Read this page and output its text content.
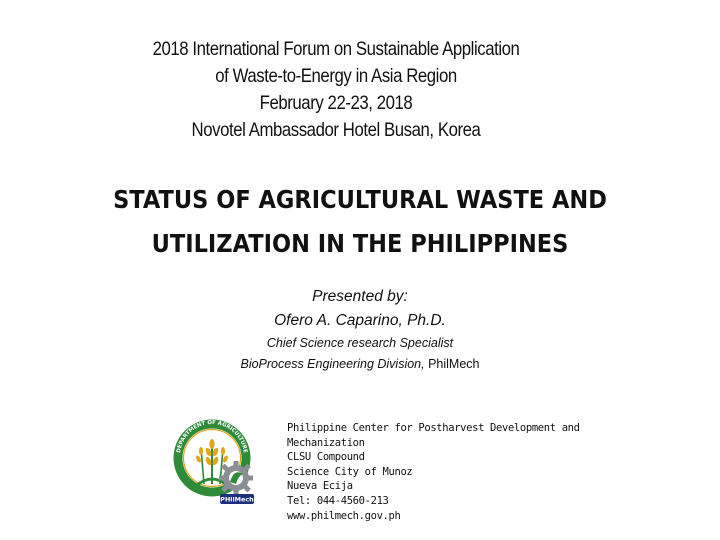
2018 International Forum on Sustainable Application
of Waste-to-Energy in Asia Region
February 22-23, 2018
Novotel Ambassador Hotel Busan, Korea
STATUS OF AGRICULTURAL WASTE AND
UTILIZATION IN THE PHILIPPINES
Presented by:
Ofero A. Caparino, Ph.D.
Chief Science research Specialist
BioProcess Engineering Division, PhilMech
DEPARTMENT OF AGRICULTURE
PHilMech
Philippine Center for Postharvest Development and
Mechanization
CLSU Compound
Science City of Munoz
Nueva Ecija
Tel: 044-4560-213
www.philmech.gov.ph
